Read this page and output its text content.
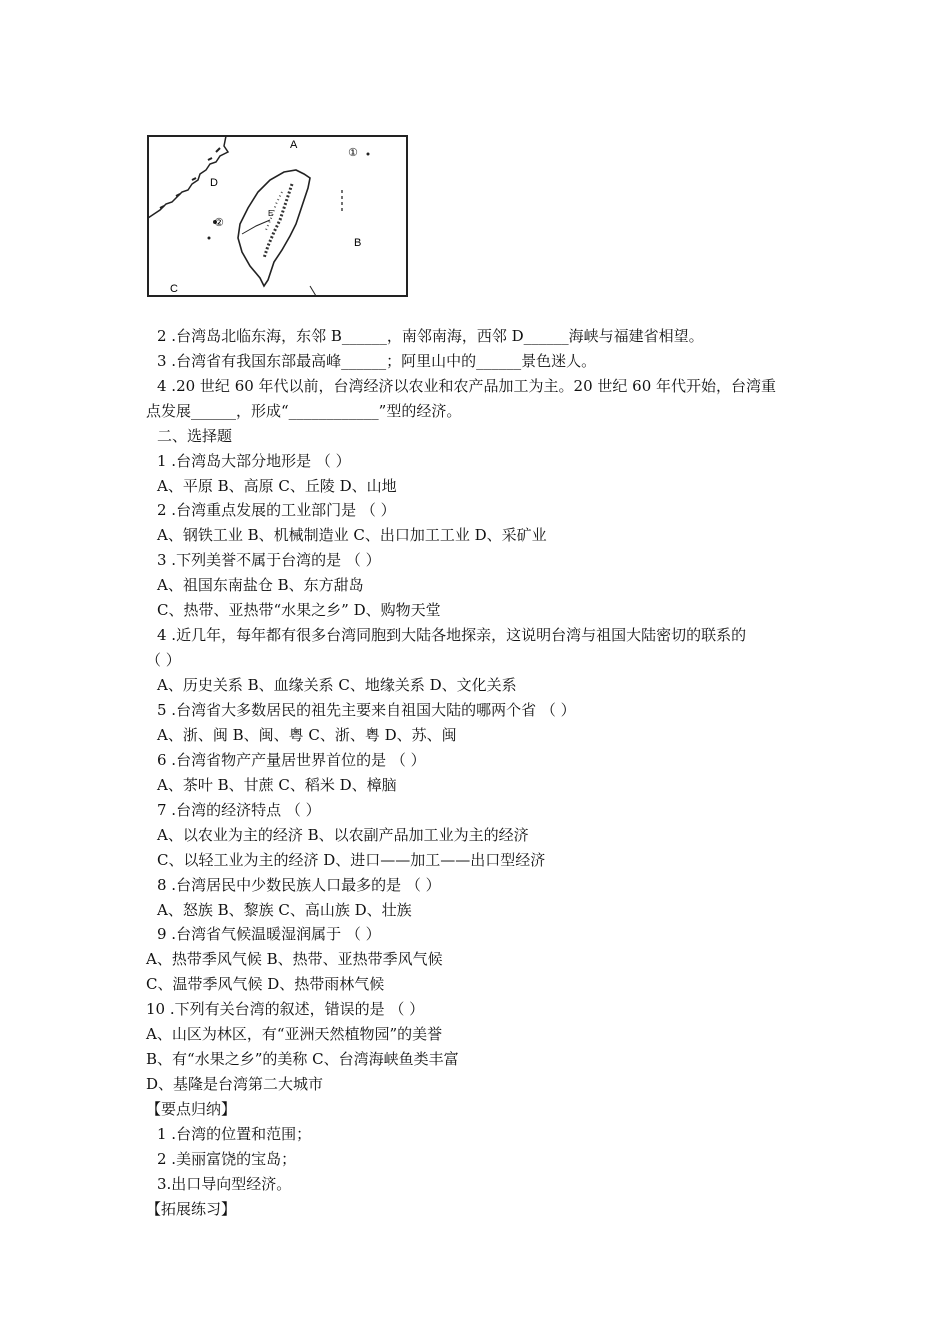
A
①
D
②
E
B
C
2 .台湾岛北临东海，东邻 B______，南邻南海，西邻 D______海峡与福建省相望。
3 .台湾省有我国东部最高峰______；阿里山中的______景色迷人。
4 .20 世纪 60 年代以前，台湾经济以农业和农产品加工为主。20 世纪 60 年代开始，台湾重
点发展______，形成“____________”型的经济。
二、选择题
1 .台湾岛大部分地形是 （ ）
A、平原 B、高原 C、丘陵 D、山地
2 .台湾重点发展的工业部门是 （ ）
A、钢铁工业 B、机械制造业 C、出口加工工业 D、采矿业
3 .下列美誉不属于台湾的是 （ ）
A、祖国东南盐仓 B、东方甜岛
C、热带、亚热带“水果之乡” D、购物天堂
4 .近几年，每年都有很多台湾同胞到大陆各地探亲，这说明台湾与祖国大陆密切的联系的
（ ）
A、历史关系 B、血缘关系 C、地缘关系 D、文化关系
5 .台湾省大多数居民的祖先主要来自祖国大陆的哪两个省 （ ）
A、浙、闽 B、闽、粤 C、浙、粤 D、苏、闽
6 .台湾省物产产量居世界首位的是 （ ）
A、茶叶 B、甘蔗 C、稻米 D、樟脑
7 .台湾的经济特点 （ ）
A、以农业为主的经济 B、以农副产品加工业为主的经济
C、以轻工业为主的经济 D、进口——加工——出口型经济
8 .台湾居民中少数民族人口最多的是 （ ）
A、怒族 B、黎族 C、高山族 D、壮族
9 .台湾省气候温暖湿润属于 （ ）
A、热带季风气候 B、热带、亚热带季风气候
C、温带季风气候 D、热带雨林气候
10 .下列有关台湾的叙述，错误的是 （ ）
A、山区为林区，有“亚洲天然植物园”的美誉
B、有“水果之乡”的美称 C、台湾海峡鱼类丰富
D、基隆是台湾第二大城市
【要点归纳】
1 .台湾的位置和范围；
2 .美丽富饶的宝岛；
3.出口导向型经济。
【拓展练习】
